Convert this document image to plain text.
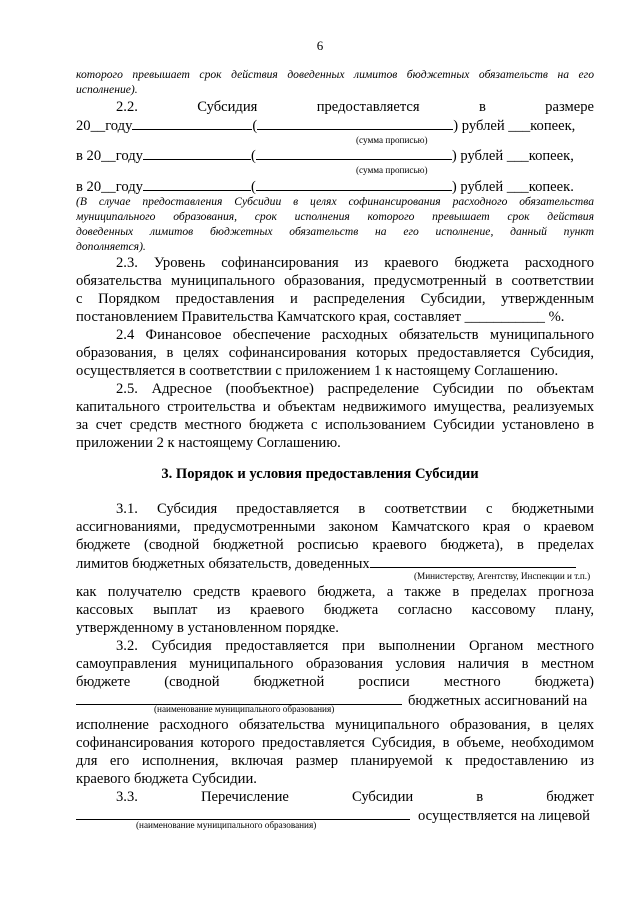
6
которого превышает срок действия доведенных лимитов бюджетных обязательств на его
исполнение).
2.2. Субсидия предоставляется в размере
20__году	(	) рублей ___копеек,
(сумма прописью)
в 20__году	(	) рублей ___копеек,
(сумма прописью)
в 20__году	(	) рублей ___копеек.
(В случае предоставления Субсидии в целях софинансирования расходного обязательства
муниципального образования, срок исполнения которого превышает срок действия
доведенных лимитов бюджетных обязательств на его исполнение, данный пункт
дополняется).
2.3. Уровень софинансирования из краевого бюджета расходного
обязательства муниципального образования, предусмотренный в соответствии
с Порядком предоставления и распределения Субсидии, утвержденным
постановлением Правительства Камчатского края, составляет ___________ %.
2.4 Финансовое обеспечение расходных обязательств муниципального
образования, в целях софинансирования которых предоставляется Субсидия,
осуществляется в соответствии с приложением 1 к настоящему Соглашению.
2.5. Адресное (пообъектное) распределение Субсидии по объектам
капитального строительства и объектам недвижимого имущества, реализуемых
за счет средств местного бюджета с использованием Субсидии установлено в
приложении 2 к настоящему Соглашению.
3. Порядок и условия предоставления Субсидии
3.1. Субсидия предоставляется в соответствии с бюджетными
ассигнованиями, предусмотренными законом Камчатского края о краевом
бюджете (сводной бюджетной росписью краевого бюджета), в пределах
лимитов бюджетных обязательств, доведенных
(Министерству, Агентству, Инспекции и т.п.)
как получателю средств краевого бюджета, а также в пределах прогноза
кассовых выплат из краевого бюджета согласно кассовому плану,
утвержденному в установленном порядке.
3.2. Субсидия предоставляется при выполнении Органом местного
самоуправления муниципального образования условия наличия в местном
бюджете (сводной бюджетной росписи местного бюджета)
бюджетных ассигнований на
(наименование муниципального образования)
исполнение расходного обязательства муниципального образования, в целях
софинансирования которого предоставляется Субсидия, в объеме, необходимом
для его исполнения, включая размер планируемой к предоставлению из
краевого бюджета Субсидии.
3.3. Перечисление Субсидии в бюджет
осуществляется на лицевой
(наименование муниципального образования)
